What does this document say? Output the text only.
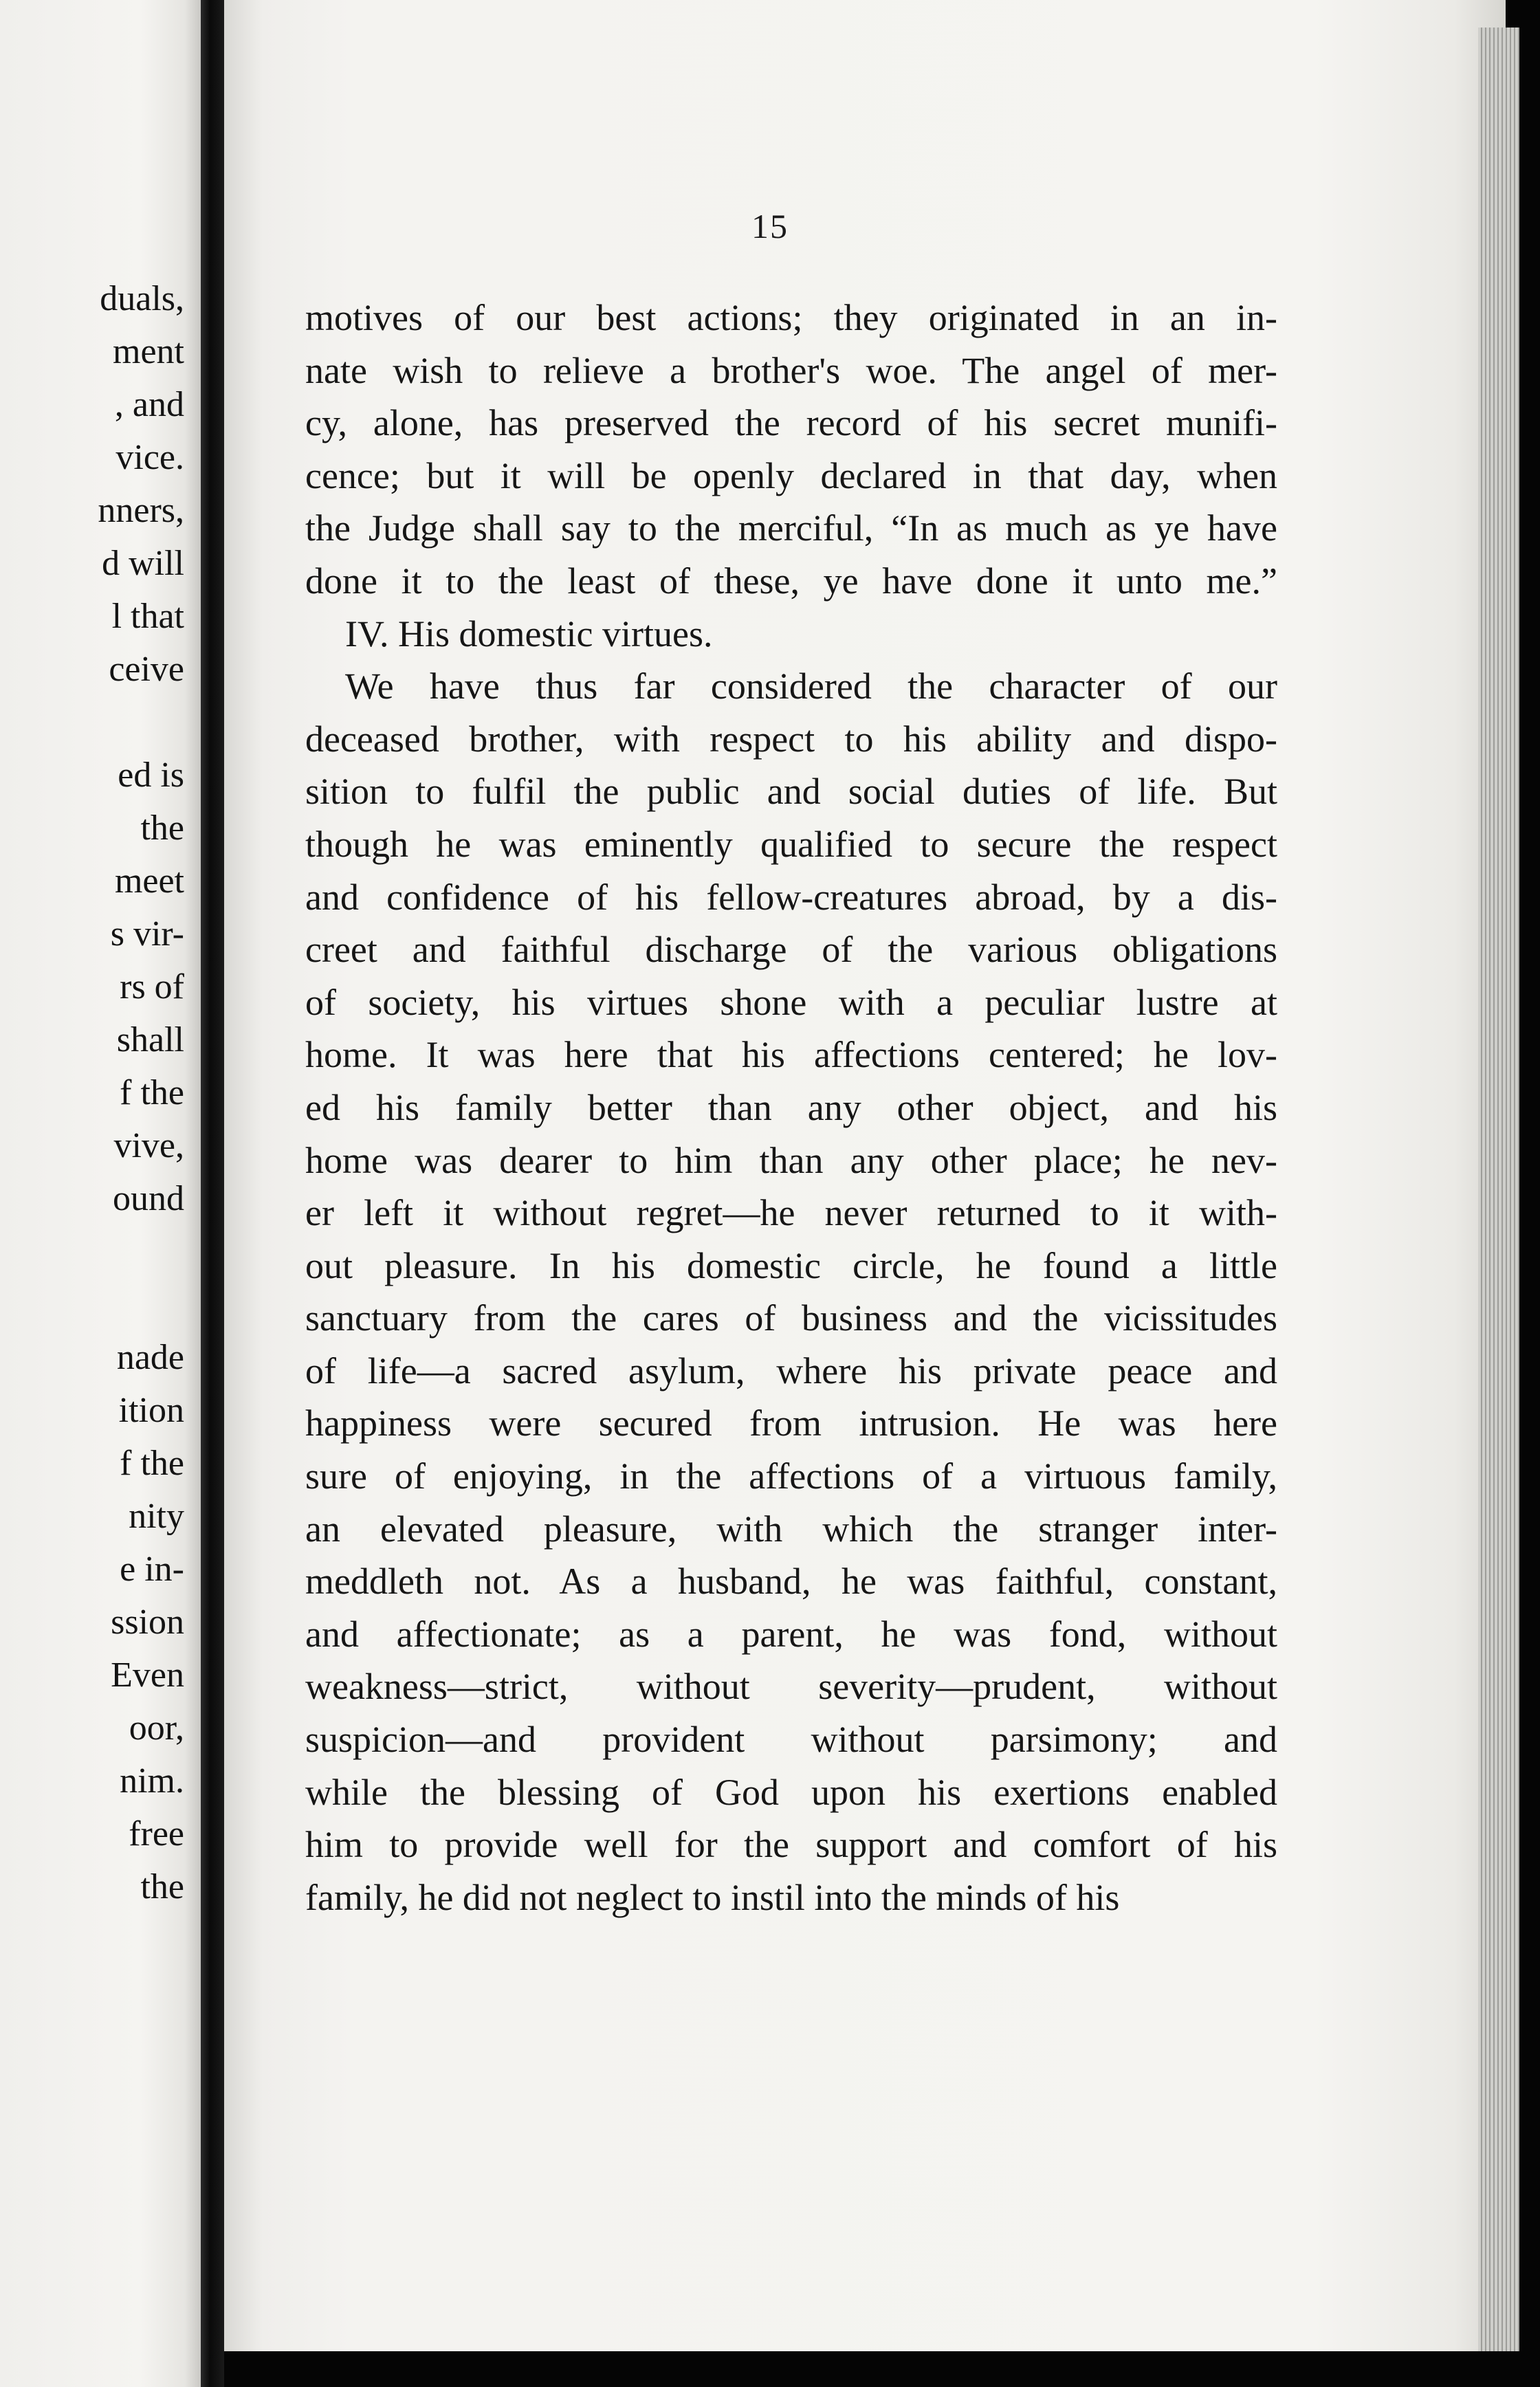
duals,
ment
, and
vice.
nners,
d will
l that
ceive
ed is
the
meet
s vir-
rs of
shall
f the
vive,
ound
nade
ition
f the
nity
e in-
ssion
Even
oor,
nim.
free
the
15
motives of our best actions; they originated in an in-
nate wish to relieve a brother's woe. The angel of mer-
cy, alone, has preserved the record of his secret munifi-
cence; but it will be openly declared in that day, when
the Judge shall say to the merciful, “In as much as ye have
done it to the least of these, ye have done it unto me.”
IV. His domestic virtues.
We have thus far considered the character of our
deceased brother, with respect to his ability and dispo-
sition to fulfil the public and social duties of life. But
though he was eminently qualified to secure the respect
and confidence of his fellow-creatures abroad, by a dis-
creet and faithful discharge of the various obligations
of society, his virtues shone with a peculiar lustre at
home. It was here that his affections centered; he lov-
ed his family better than any other object, and his
home was dearer to him than any other place; he nev-
er left it without regret—he never returned to it with-
out pleasure. In his domestic circle, he found a little
sanctuary from the cares of business and the vicissitudes
of life—a sacred asylum, where his private peace and
happiness were secured from intrusion. He was here
sure of enjoying, in the affections of a virtuous family,
an elevated pleasure, with which the stranger inter-
meddleth not. As a husband, he was faithful, constant,
and affectionate; as a parent, he was fond, without
weakness—strict, without severity—prudent, without
suspicion—and provident without parsimony; and
while the blessing of God upon his exertions enabled
him to provide well for the support and comfort of his
family, he did not neglect to instil into the minds of his
